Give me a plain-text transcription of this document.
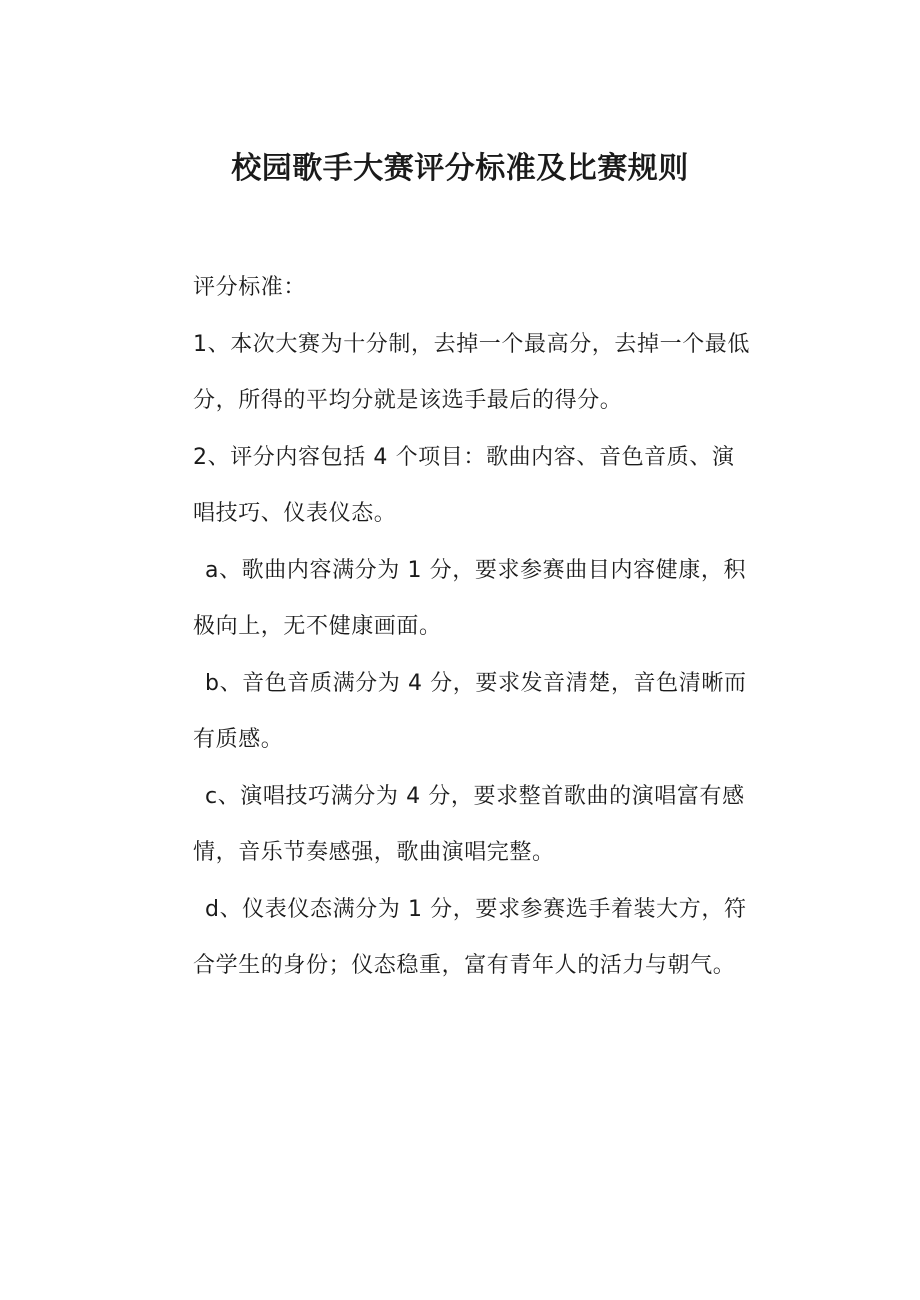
校园歌手大赛评分标准及比赛规则

评分标准：

1、本次大赛为十分制，去掉一个最高分，去掉一个最低分，所得的平均分就是该选手最后的得分。

2、评分内容包括 4 个项目：歌曲内容、音色音质、演唱技巧、仪表仪态。

a、歌曲内容满分为 1 分，要求参赛曲目内容健康，积极向上，无不健康画面。

b、音色音质满分为 4 分，要求发音清楚，音色清晰而有质感。

c、演唱技巧满分为 4 分，要求整首歌曲的演唱富有感情，音乐节奏感强，歌曲演唱完整。

d、仪表仪态满分为 1 分，要求参赛选手着装大方，符合学生的身份；仪态稳重，富有青年人的活力与朝气。
